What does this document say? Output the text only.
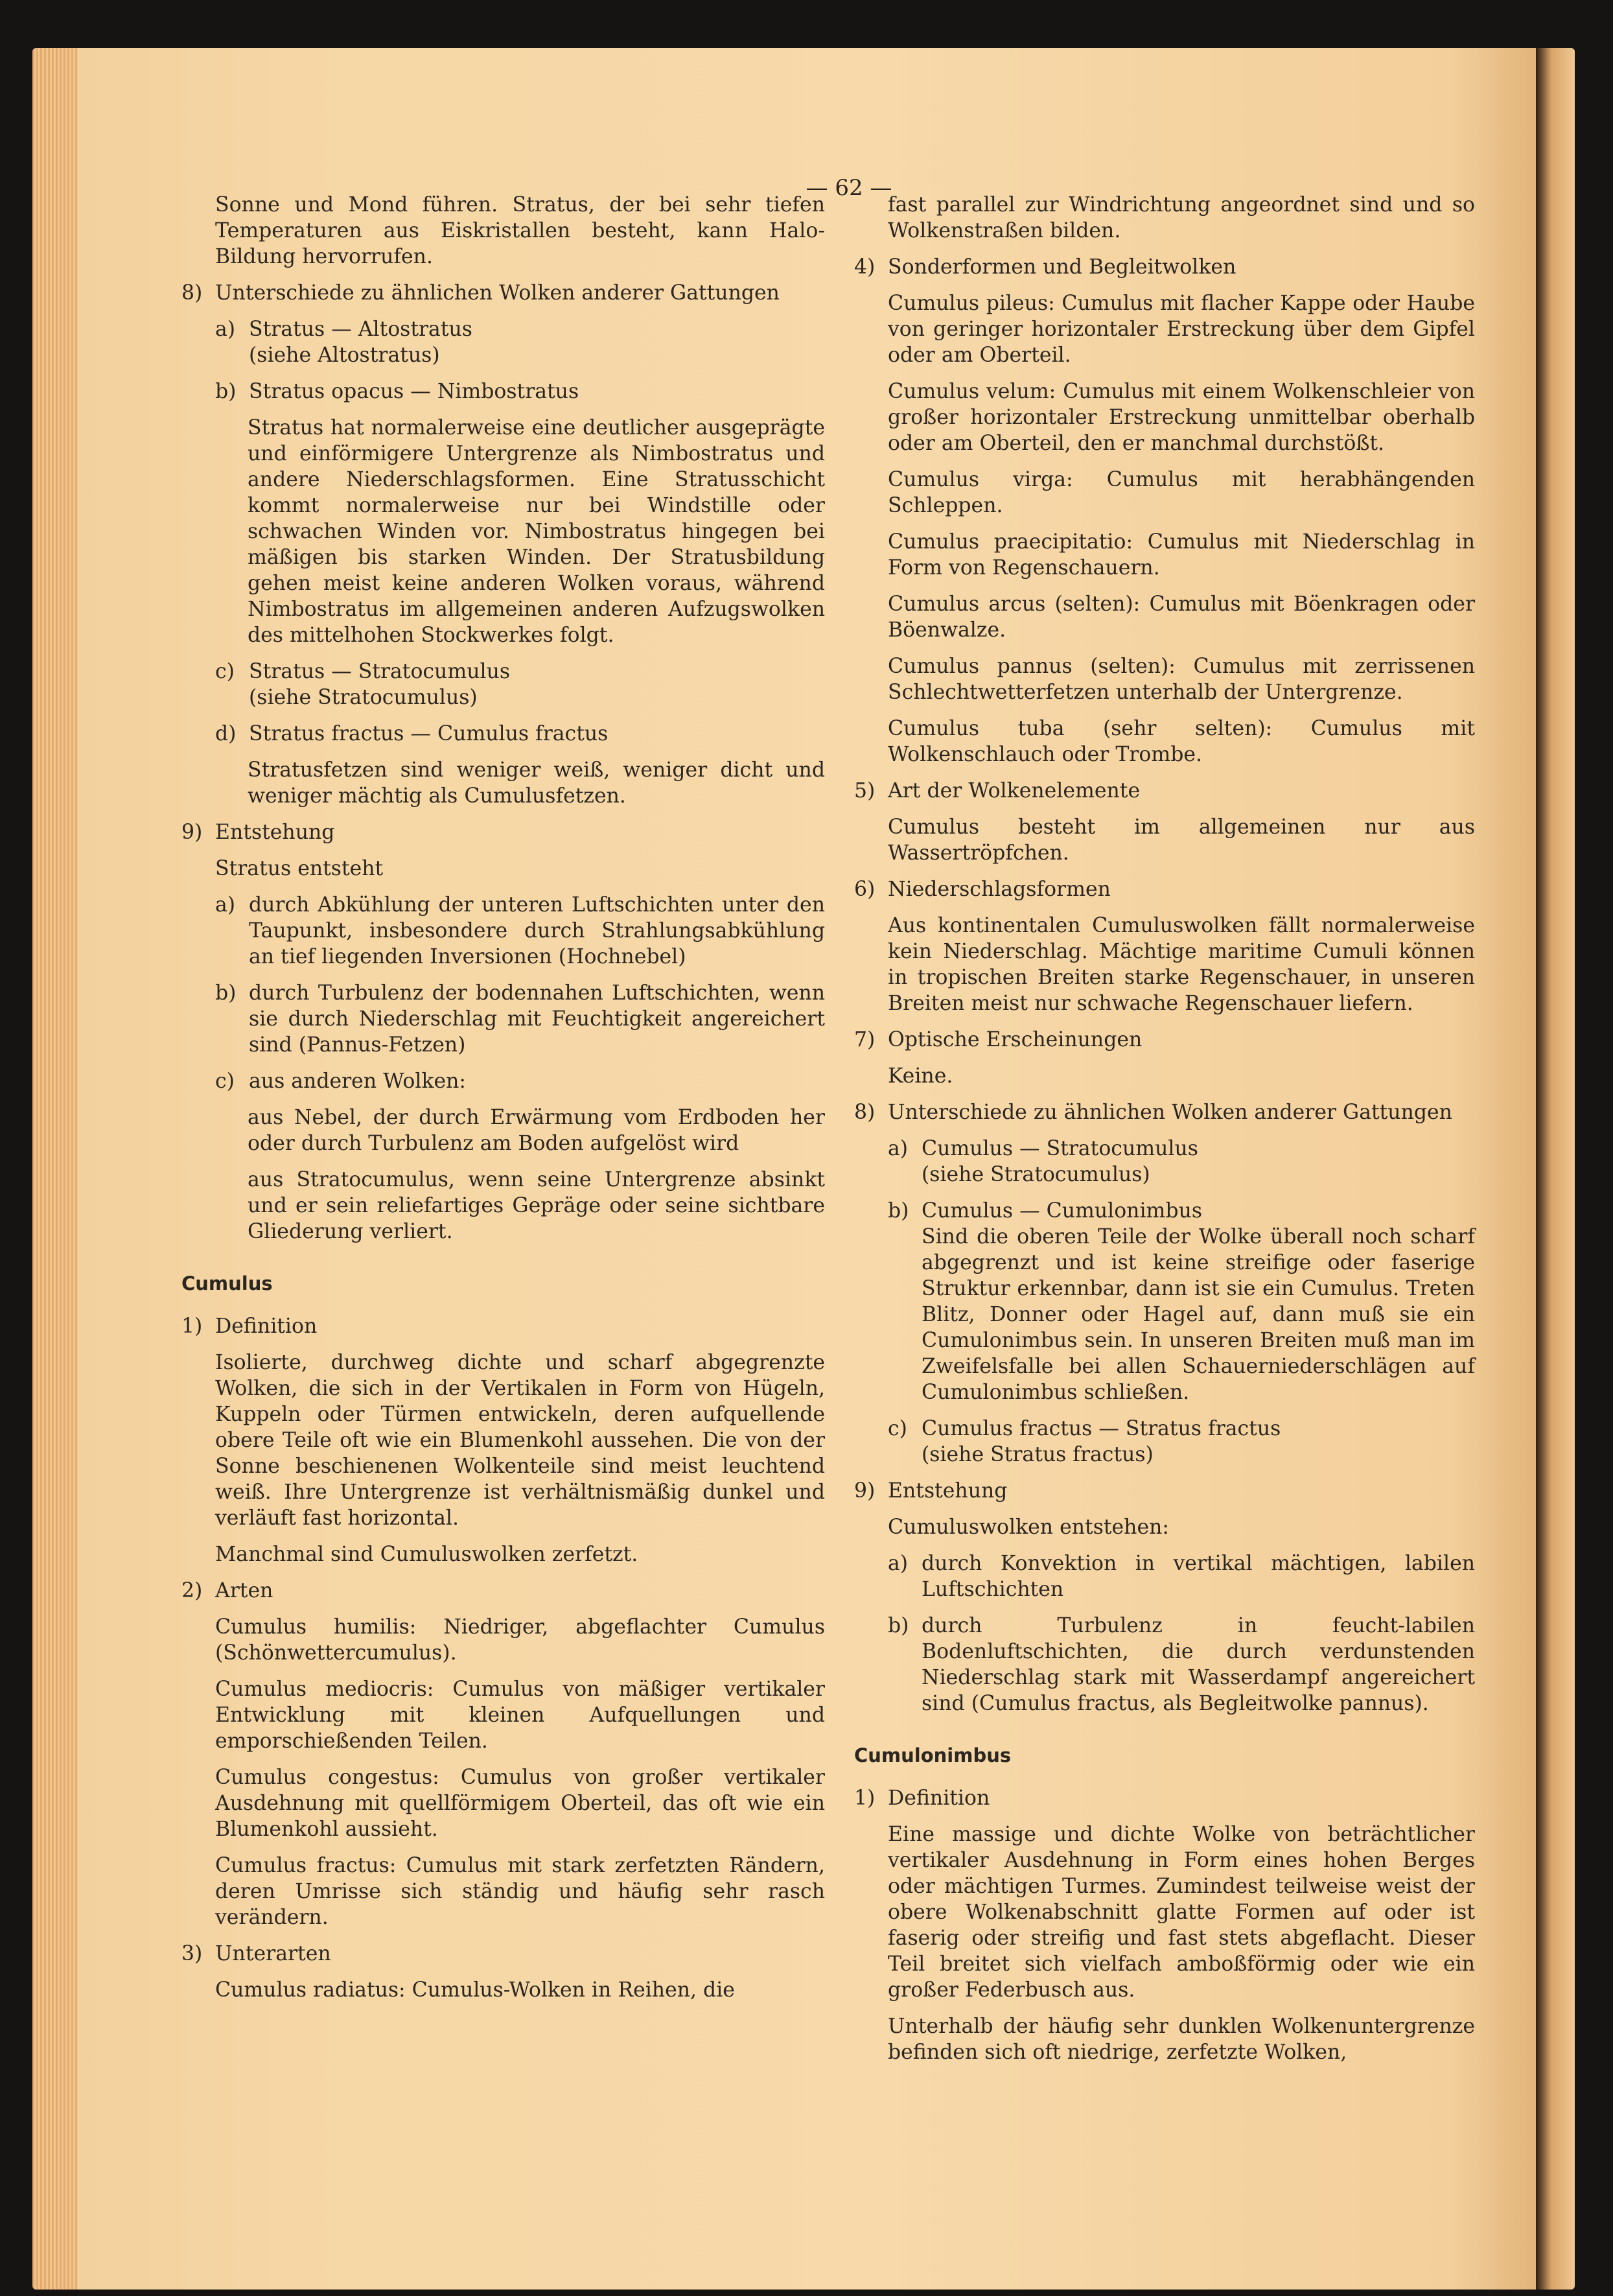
— 62 —

Sonne und Mond führen. Stratus, der bei sehr tiefen Temperaturen aus Eiskristallen besteht, kann Halo-Bildung hervorrufen.

8) Unterschiede zu ähnlichen Wolken anderer Gattungen
a) Stratus — Altostratus
(siehe Altostratus)
b) Stratus opacus — Nimbostratus

Stratus hat normalerweise eine deutlicher ausgeprägte und einförmigere Untergrenze als Nimbostratus und andere Niederschlagsformen. Eine Stratusschicht kommt normalerweise nur bei Windstille oder schwachen Winden vor. Nimbostratus hingegen bei mäßigen bis starken Winden. Der Stratusbildung gehen meist keine anderen Wolken voraus, während Nimbostratus im allgemeinen anderen Aufzugswolken des mittelhohen Stockwerkes folgt.

c) Stratus — Stratocumulus
(siehe Stratocumulus)
d) Stratus fractus — Cumulus fractus

Stratusfetzen sind weniger weiß, weniger dicht und weniger mächtig als Cumulusfetzen.

9) Entstehung

Stratus entsteht

a) durch Abkühlung der unteren Luftschichten unter den Taupunkt, insbesondere durch Strahlungsabkühlung an tief liegenden Inversionen (Hochnebel)
b) durch Turbulenz der bodennahen Luftschichten, wenn sie durch Niederschlag mit Feuchtigkeit angereichert sind (Pannus-Fetzen)
c) aus anderen Wolken:

aus Nebel, der durch Erwärmung vom Erdboden her oder durch Turbulenz am Boden aufgelöst wird

aus Stratocumulus, wenn seine Untergrenze absinkt und er sein reliefartiges Gepräge oder seine sichtbare Gliederung verliert.

Cumulus

1) Definition

Isolierte, durchweg dichte und scharf abgegrenzte Wolken, die sich in der Vertikalen in Form von Hügeln, Kuppeln oder Türmen entwickeln, deren aufquellende obere Teile oft wie ein Blumenkohl aussehen. Die von der Sonne beschienenen Wolkenteile sind meist leuchtend weiß. Ihre Untergrenze ist verhältnismäßig dunkel und verläuft fast horizontal.

Manchmal sind Cumuluswolken zerfetzt.

2) Arten

Cumulus humilis: Niedriger, abgeflachter Cumulus (Schönwettercumulus).

Cumulus mediocris: Cumulus von mäßiger vertikaler Entwicklung mit kleinen Aufquellungen und emporschießenden Teilen.

Cumulus congestus: Cumulus von großer vertikaler Ausdehnung mit quellförmigem Oberteil, das oft wie ein Blumenkohl aussieht.

Cumulus fractus: Cumulus mit stark zerfetzten Rändern, deren Umrisse sich ständig und häufig sehr rasch verändern.

3) Unterarten

Cumulus radiatus: Cumulus-Wolken in Reihen, die

fast parallel zur Windrichtung angeordnet sind und so Wolkenstraßen bilden.

4) Sonderformen und Begleitwolken

Cumulus pileus: Cumulus mit flacher Kappe oder Haube von geringer horizontaler Erstreckung über dem Gipfel oder am Oberteil.

Cumulus velum: Cumulus mit einem Wolkenschleier von großer horizontaler Erstreckung unmittelbar oberhalb oder am Oberteil, den er manchmal durchstößt.

Cumulus virga: Cumulus mit herabhängenden Schleppen.

Cumulus praecipitatio: Cumulus mit Niederschlag in Form von Regenschauern.

Cumulus arcus (selten): Cumulus mit Böenkragen oder Böenwalze.

Cumulus pannus (selten): Cumulus mit zerrissenen Schlechtwetterfetzen unterhalb der Untergrenze.

Cumulus tuba (sehr selten): Cumulus mit Wolkenschlauch oder Trombe.

5) Art der Wolkenelemente

Cumulus besteht im allgemeinen nur aus Wassertröpfchen.

6) Niederschlagsformen

Aus kontinentalen Cumuluswolken fällt normalerweise kein Niederschlag. Mächtige maritime Cumuli können in tropischen Breiten starke Regenschauer, in unseren Breiten meist nur schwache Regenschauer liefern.

7) Optische Erscheinungen

Keine.

8) Unterschiede zu ähnlichen Wolken anderer Gattungen
a) Cumulus — Stratocumulus
(siehe Stratocumulus)
b) Cumulus — Cumulonimbus
Sind die oberen Teile der Wolke überall noch scharf abgegrenzt und ist keine streifige oder faserige Struktur erkennbar, dann ist sie ein Cumulus. Treten Blitz, Donner oder Hagel auf, dann muß sie ein Cumulonimbus sein. In unseren Breiten muß man im Zweifelsfalle bei allen Schauerniederschlägen auf Cumulonimbus schließen.
c) Cumulus fractus — Stratus fractus
(siehe Stratus fractus)
9) Entstehung

Cumuluswolken entstehen:

a) durch Konvektion in vertikal mächtigen, labilen Luftschichten
b) durch Turbulenz in feucht-labilen Bodenluftschichten, die durch verdunstenden Niederschlag stark mit Wasserdampf angereichert sind (Cumulus fractus, als Begleitwolke pannus).

Cumulonimbus

1) Definition

Eine massige und dichte Wolke von beträchtlicher vertikaler Ausdehnung in Form eines hohen Berges oder mächtigen Turmes. Zumindest teilweise weist der obere Wolkenabschnitt glatte Formen auf oder ist faserig oder streifig und fast stets abgeflacht. Dieser Teil breitet sich vielfach amboßförmig oder wie ein großer Federbusch aus.

Unterhalb der häufig sehr dunklen Wolkenuntergrenze befinden sich oft niedrige, zerfetzte Wolken,
